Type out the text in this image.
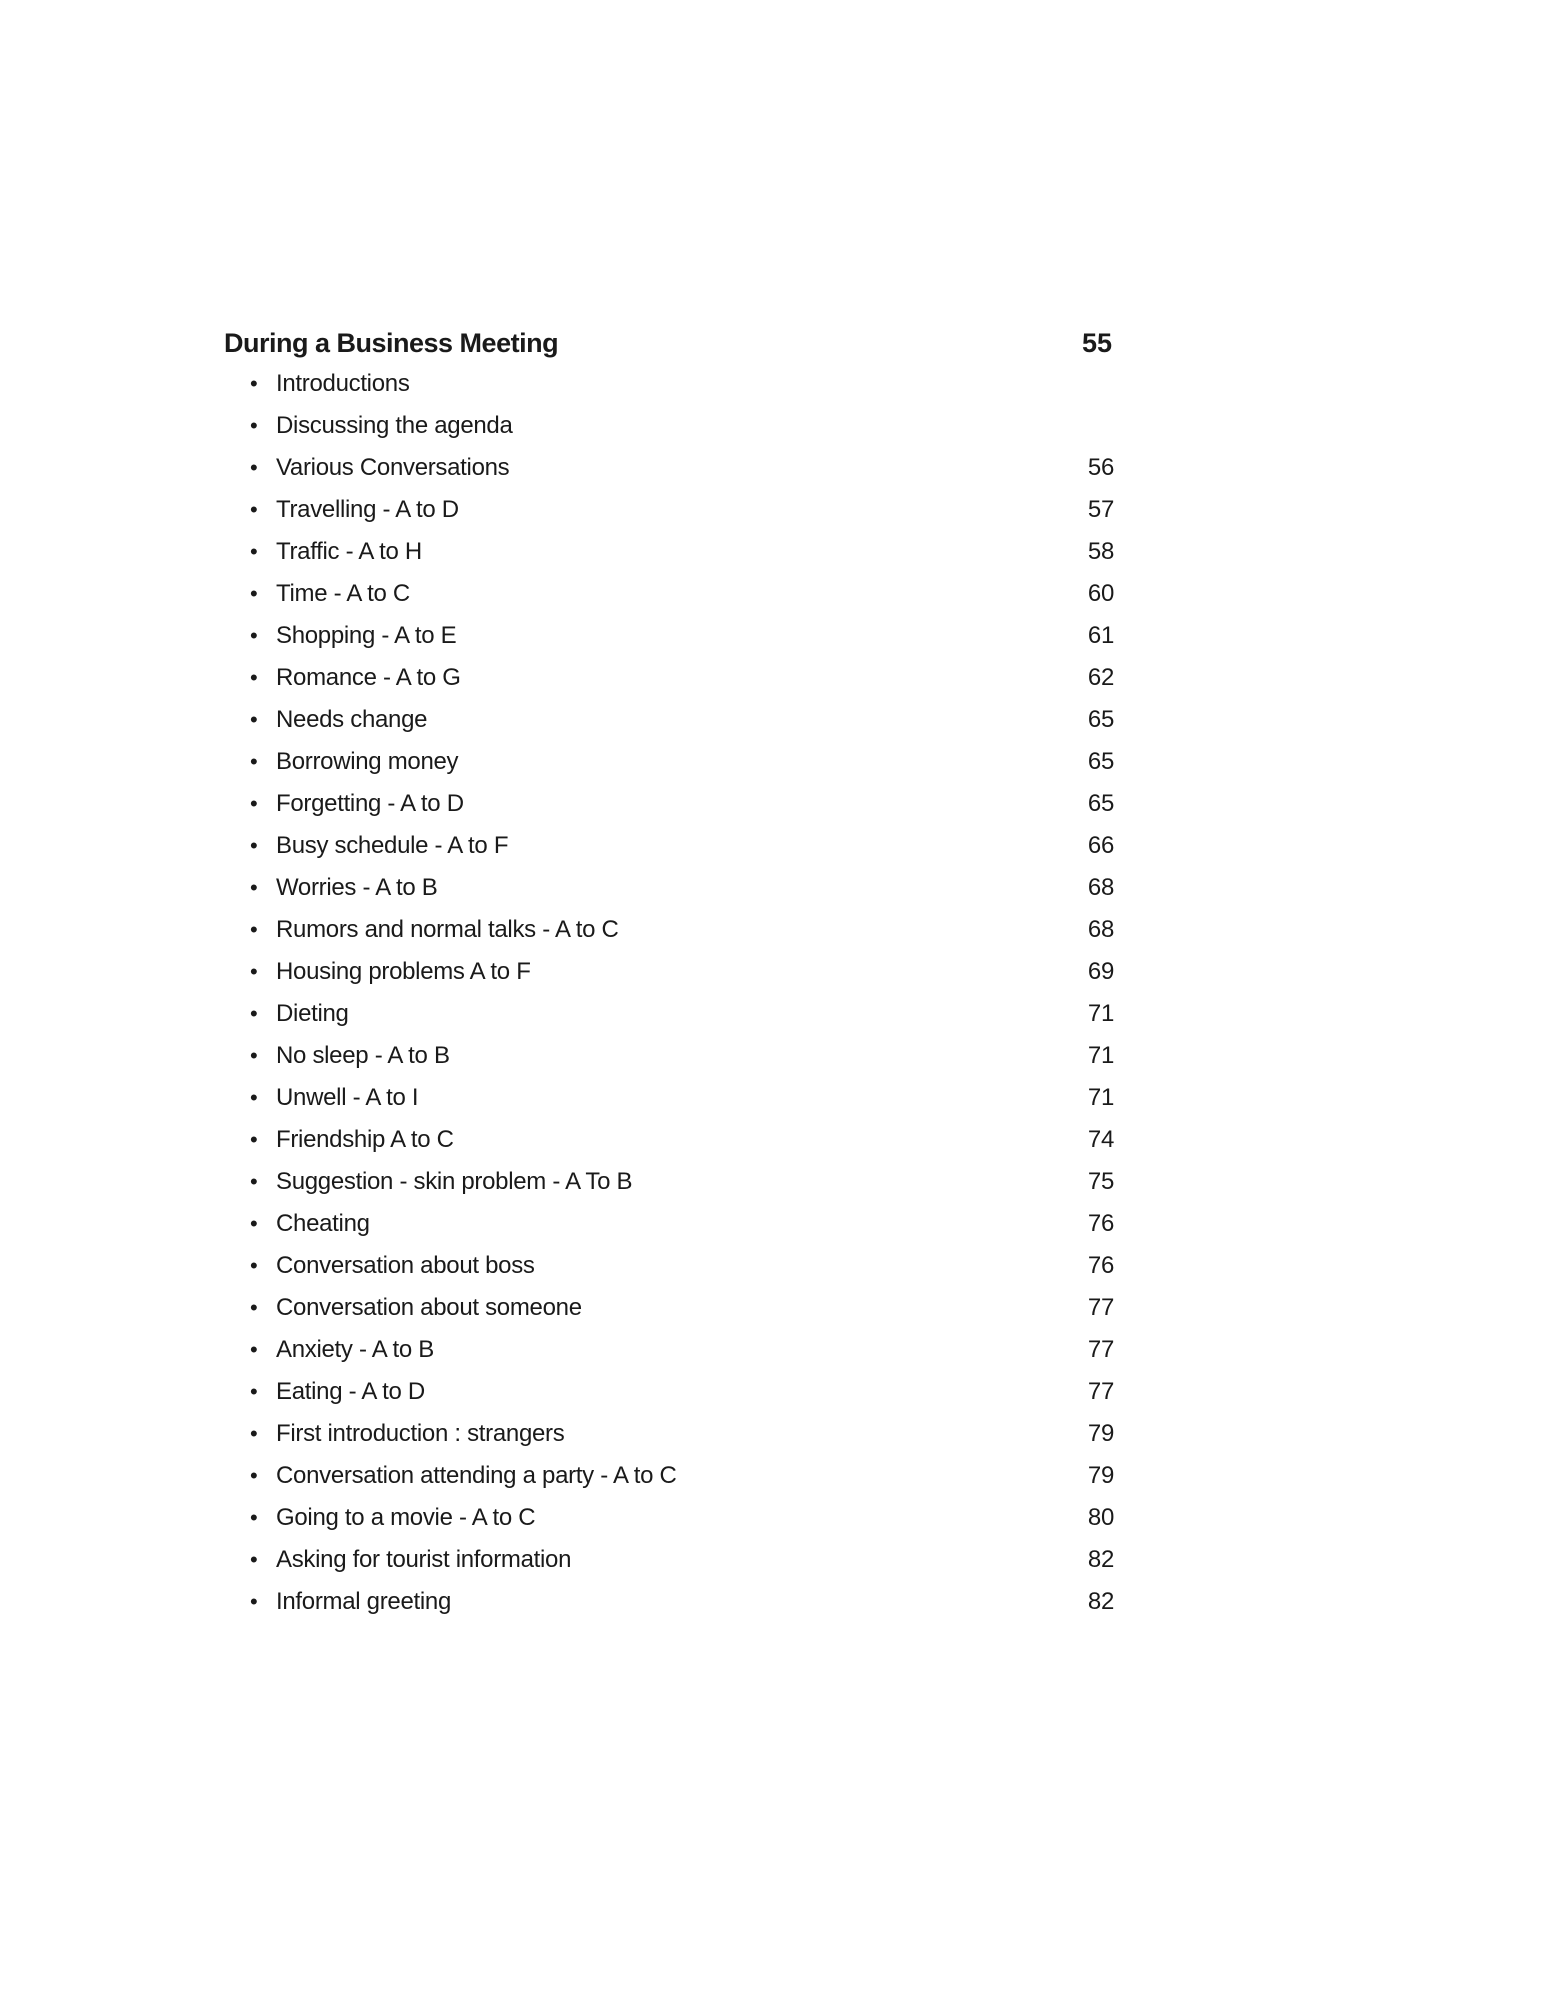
During a Business Meeting	55
• Introductions
• Discussing the agenda
• Various Conversations	56
• Travelling - A to D	57
• Traffic - A to H	58
• Time - A to C	60
• Shopping - A to E	61
• Romance - A to G	62
• Needs change	65
• Borrowing money	65
• Forgetting - A to D	65
• Busy schedule - A to F	66
• Worries - A to B	68
• Rumors and normal talks - A to C	68
• Housing problems A to F	69
• Dieting	71
• No sleep - A to B	71
• Unwell - A to I	71
• Friendship A to C	74
• Suggestion - skin problem - A To B	75
• Cheating	76
• Conversation about boss	76
• Conversation about someone	77
• Anxiety - A to B	77
• Eating - A to D	77
• First introduction : strangers	79
• Conversation attending a party - A to C	79
• Going to a movie - A to C	80
• Asking for tourist information	82
• Informal greeting	82
